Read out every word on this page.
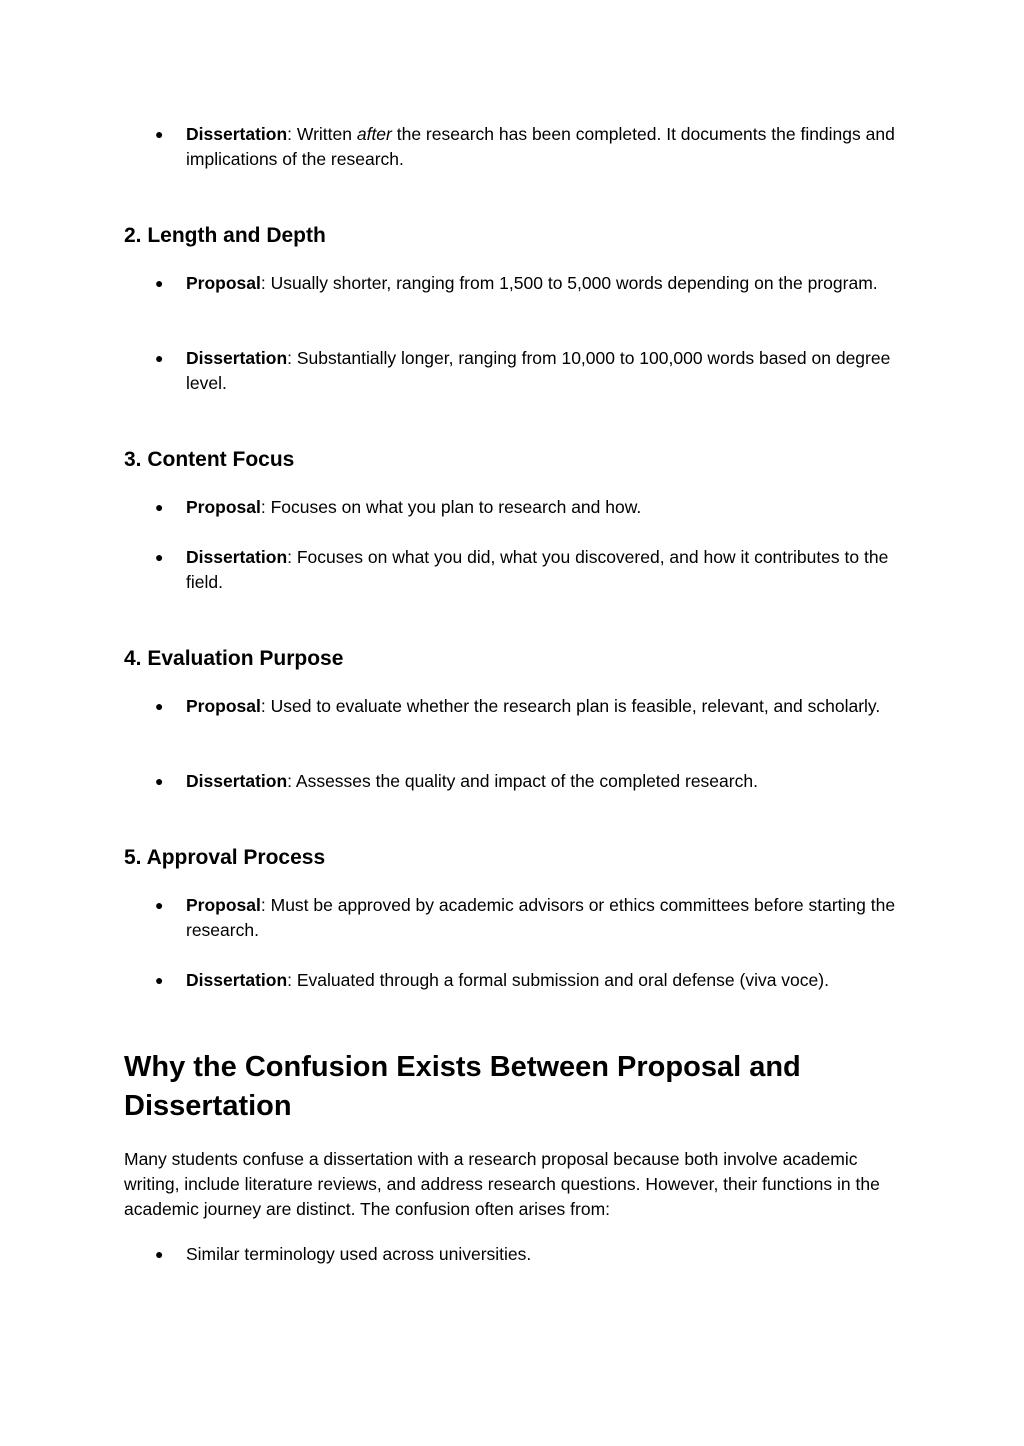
● Dissertation: Written after the research has been completed. It documents the findings and implications of the research.
2. Length and Depth
● Proposal: Usually shorter, ranging from 1,500 to 5,000 words depending on the program.
● Dissertation: Substantially longer, ranging from 10,000 to 100,000 words based on degree level.
3. Content Focus
● Proposal: Focuses on what you plan to research and how.
● Dissertation: Focuses on what you did, what you discovered, and how it contributes to the field.
4. Evaluation Purpose
● Proposal: Used to evaluate whether the research plan is feasible, relevant, and scholarly.
● Dissertation: Assesses the quality and impact of the completed research.
5. Approval Process
● Proposal: Must be approved by academic advisors or ethics committees before starting the research.
● Dissertation: Evaluated through a formal submission and oral defense (viva voce).
Why the Confusion Exists Between Proposal and Dissertation
Many students confuse a dissertation with a research proposal because both involve academic writing, include literature reviews, and address research questions. However, their functions in the academic journey are distinct. The confusion often arises from:
● Similar terminology used across universities.
